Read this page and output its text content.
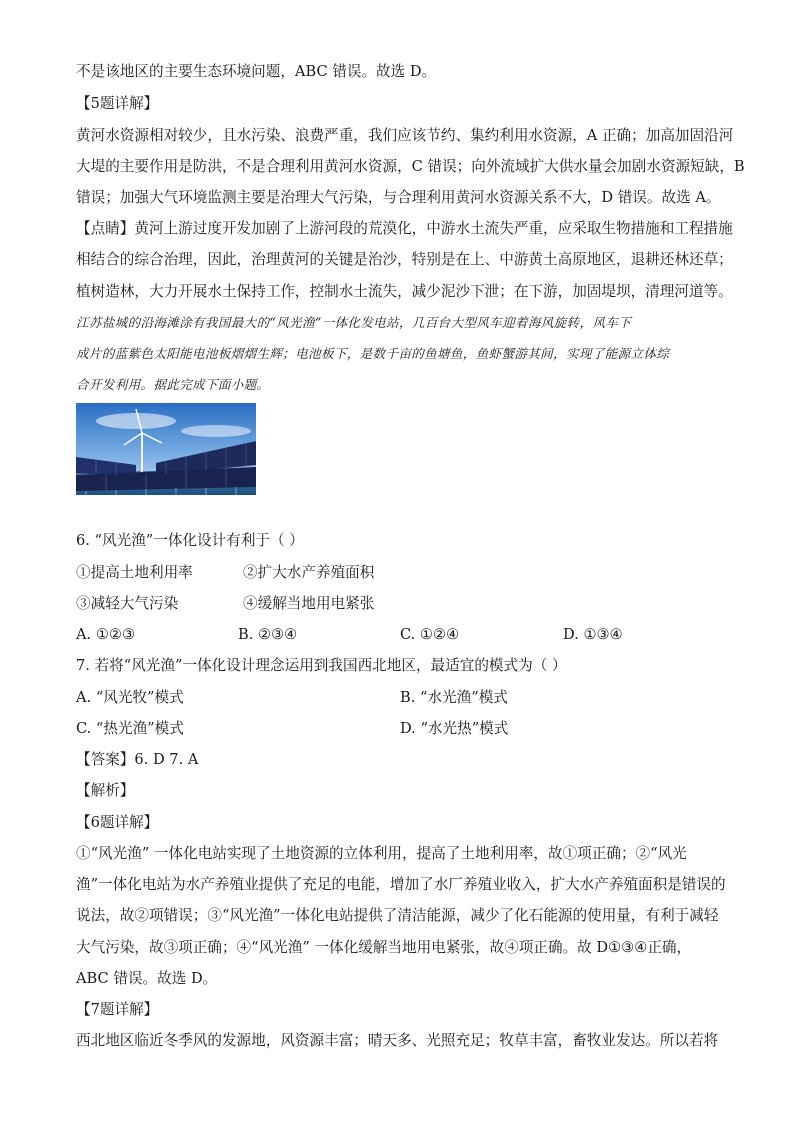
不是该地区的主要生态环境问题，ABC 错误。故选 D。
【5题详解】
黄河水资源相对较少，且水污染、浪费严重，我们应该节约、集约利用水资源，A 正确；加高加固沿河
大堤的主要作用是防洪，不是合理利用黄河水资源，C 错误；向外流域扩大供水量会加剧水资源短缺，B
错误；加强大气环境监测主要是治理大气污染，与合理利用黄河水资源关系不大，D 错误。故选 A。
【点睛】黄河上游过度开发加剧了上游河段的荒漠化，中游水土流失严重，应采取生物措施和工程措施
相结合的综合治理，因此，治理黄河的关键是治沙，特别是在上、中游黄土高原地区，退耕还林还草；
植树造林，大力开展水土保持工作，控制水土流失，减少泥沙下泄；在下游，加固堤坝，清理河道等。
江苏盐城的沿海滩涂有我国最大的“风光渔”一体化发电站，几百台大型风车迎着海风旋转，风车下
成片的蓝紫色太阳能电池板熠熠生辉；电池板下，是数千亩的鱼塘鱼，鱼虾蟹游其间，实现了能源立体综
合开发利用。据此完成下面小题。
6. “风光渔”一体化设计有利于（ ）
①提高土地利用率	②扩大水产养殖面积
③减轻大气污染	④缓解当地用电紧张
A. ①②③	B. ②③④	C. ①②④	D. ①③④
7. 若将“风光渔”一体化设计理念运用到我国西北地区，最适宜的模式为（ ）
A. “风光牧”模式	B. “水光渔”模式
C. “热光渔”模式	D. “水光热”模式
【答案】6. D 7. A
【解析】
【6题详解】
①“风光渔” 一体化电站实现了土地资源的立体利用，提高了土地利用率，故①项正确；②“风光
渔”一体化电站为水产养殖业提供了充足的电能，增加了水厂养殖业收入，扩大水产养殖面积是错误的
说法，故②项错误；③“风光渔”一体化电站提供了清洁能源，减少了化石能源的使用量，有利于减轻
大气污染，故③项正确；④“风光渔” 一体化缓解当地用电紧张，故④项正确。故 D①③④正确，
ABC 错误。故选 D。
【7题详解】
西北地区临近冬季风的发源地，风资源丰富；晴天多、光照充足；牧草丰富，畜牧业发达。所以若将
